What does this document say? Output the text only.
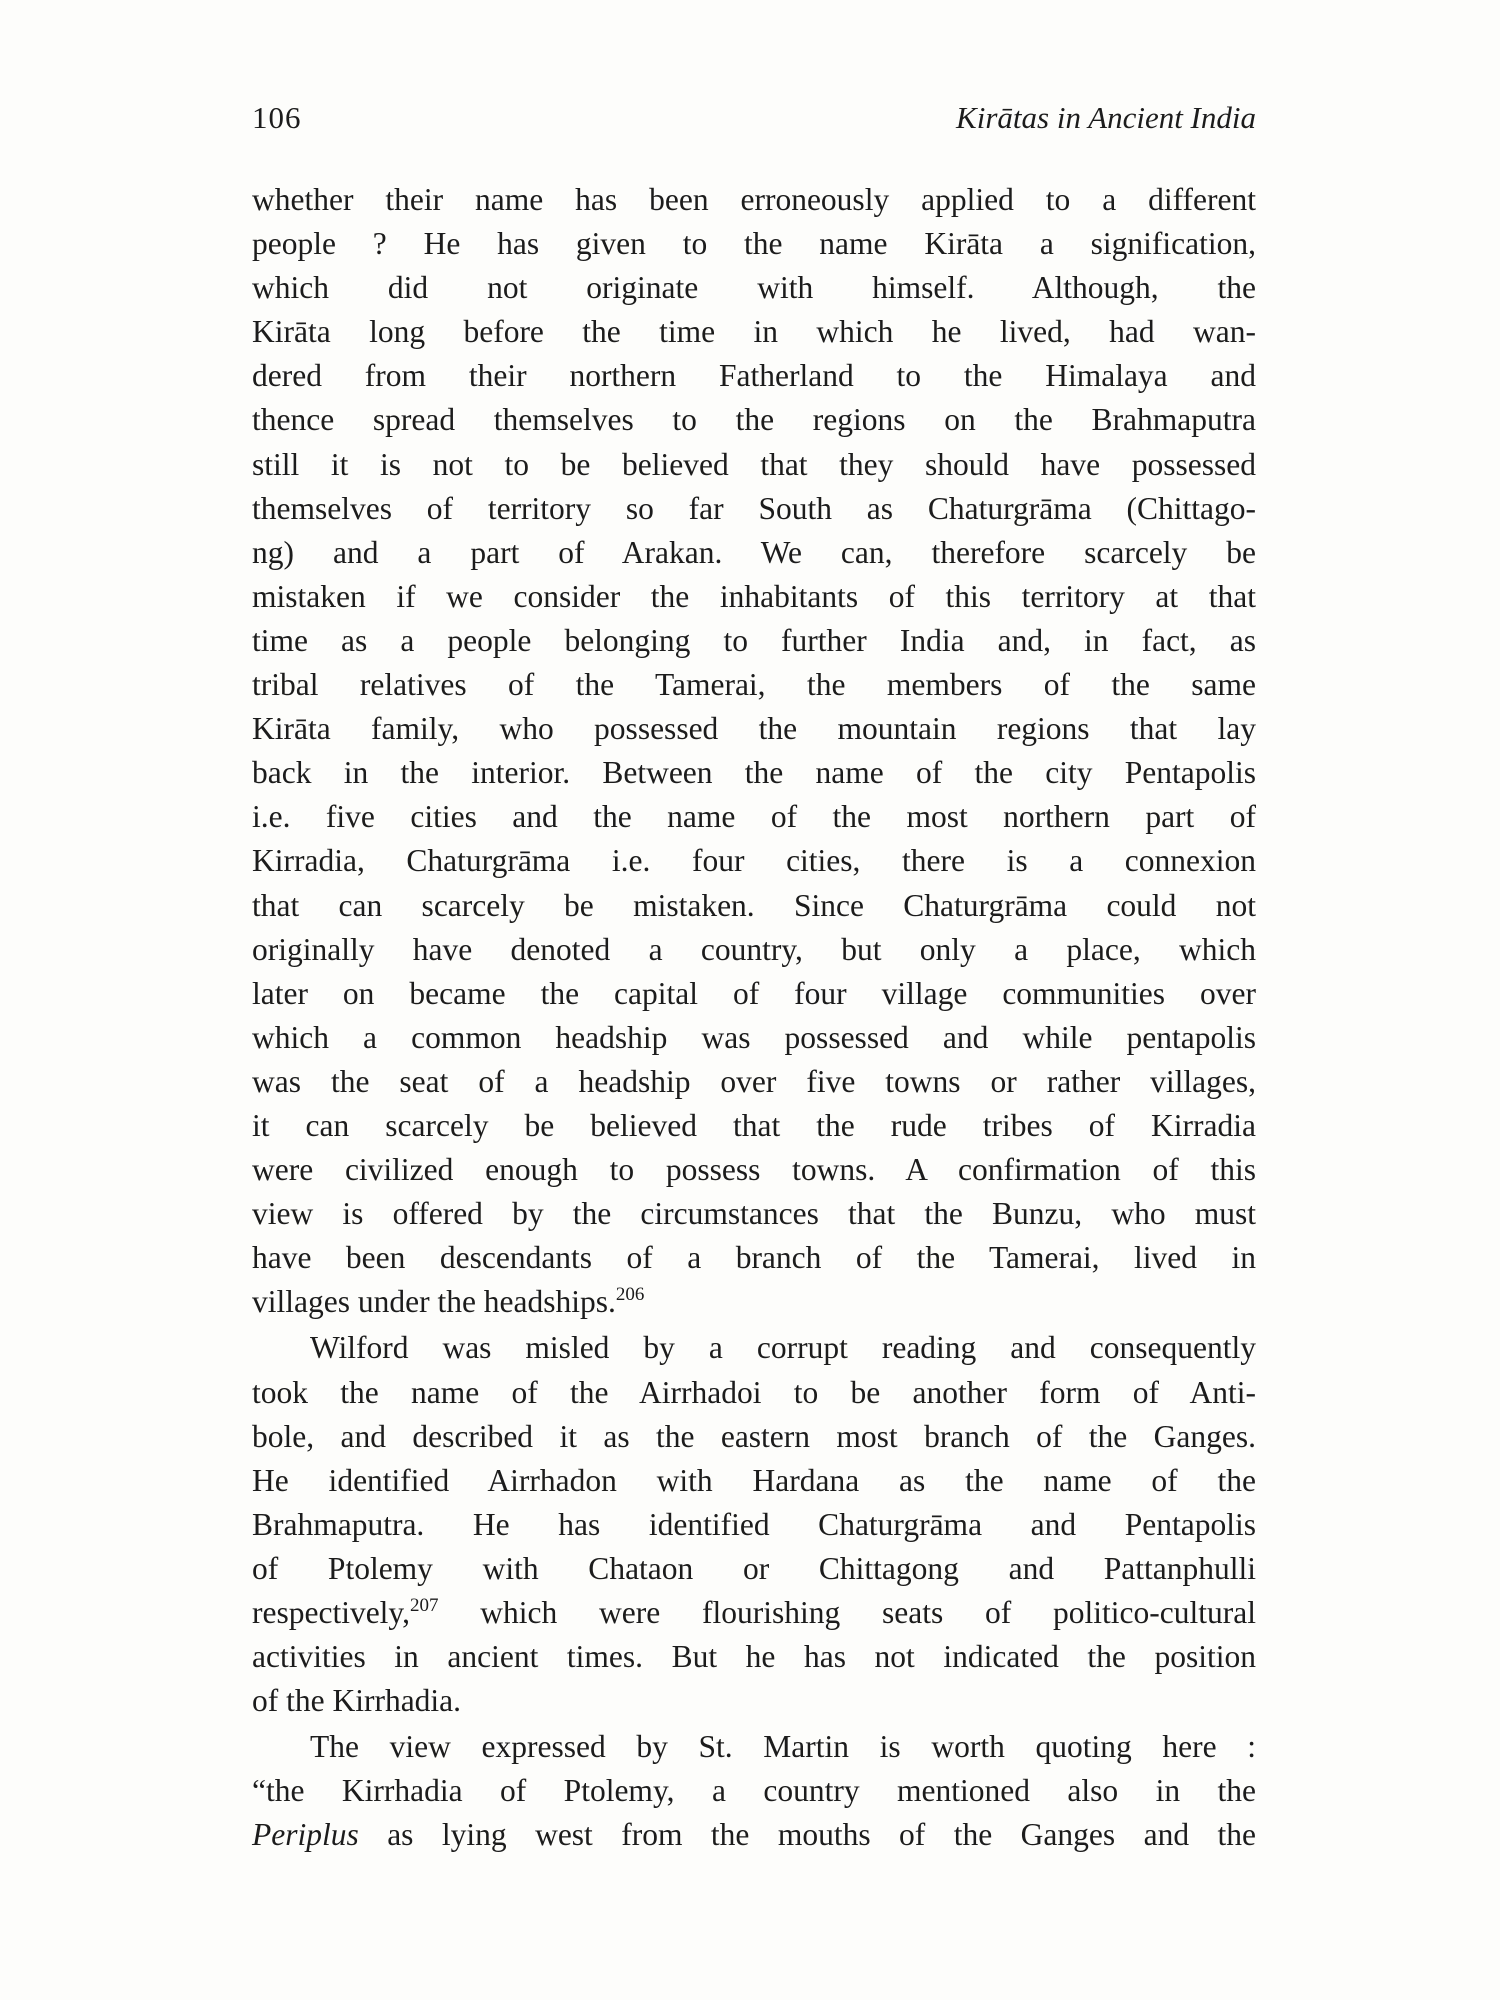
106	Kirātas in Ancient India
whether their name has been erroneously applied to a different
people ? He has given to the name Kirāta a signification,
which did not originate with himself. Although, the
Kirāta long before the time in which he lived, had wan-
dered from their northern Fatherland to the Himalaya and
thence spread themselves to the regions on the Brahmaputra
still it is not to be believed that they should have possessed
themselves of territory so far South as Chaturgrāma (Chittago-
ng) and a part of Arakan. We can, therefore scarcely be
mistaken if we consider the inhabitants of this territory at that
time as a people belonging to further India and, in fact, as
tribal relatives of the Tamerai, the members of the same
Kirāta family, who possessed the mountain regions that lay
back in the interior. Between the name of the city Pentapolis
i.e. five cities and the name of the most northern part of
Kirradia, Chaturgrāma i.e. four cities, there is a connexion
that can scarcely be mistaken. Since Chaturgrāma could not
originally have denoted a country, but only a place, which
later on became the capital of four village communities over
which a common headship was possessed and while pentapolis
was the seat of a headship over five towns or rather villages,
it can scarcely be believed that the rude tribes of Kirradia
were civilized enough to possess towns. A confirmation of this
view is offered by the circumstances that the Bunzu, who must
have been descendants of a branch of the Tamerai, lived in
villages under the headships.$^{206}$
Wilford was misled by a corrupt reading and consequently
took the name of the Airrhadoi to be another form of Anti-
bole, and described it as the eastern most branch of the Ganges.
He identified Airrhadon with Hardana as the name of the
Brahmaputra. He has identified Chaturgrāma and Pentapolis
of Ptolemy with Chataon or Chittagong and Pattanphulli
respectively,$^{207}$ which were flourishing seats of politico-cultural
activities in ancient times. But he has not indicated the position
of the Kirrhadia.
The view expressed by St. Martin is worth quoting here :
“the Kirrhadia of Ptolemy, a country mentioned also in the
Periplus as lying west from the mouths of the Ganges and the
